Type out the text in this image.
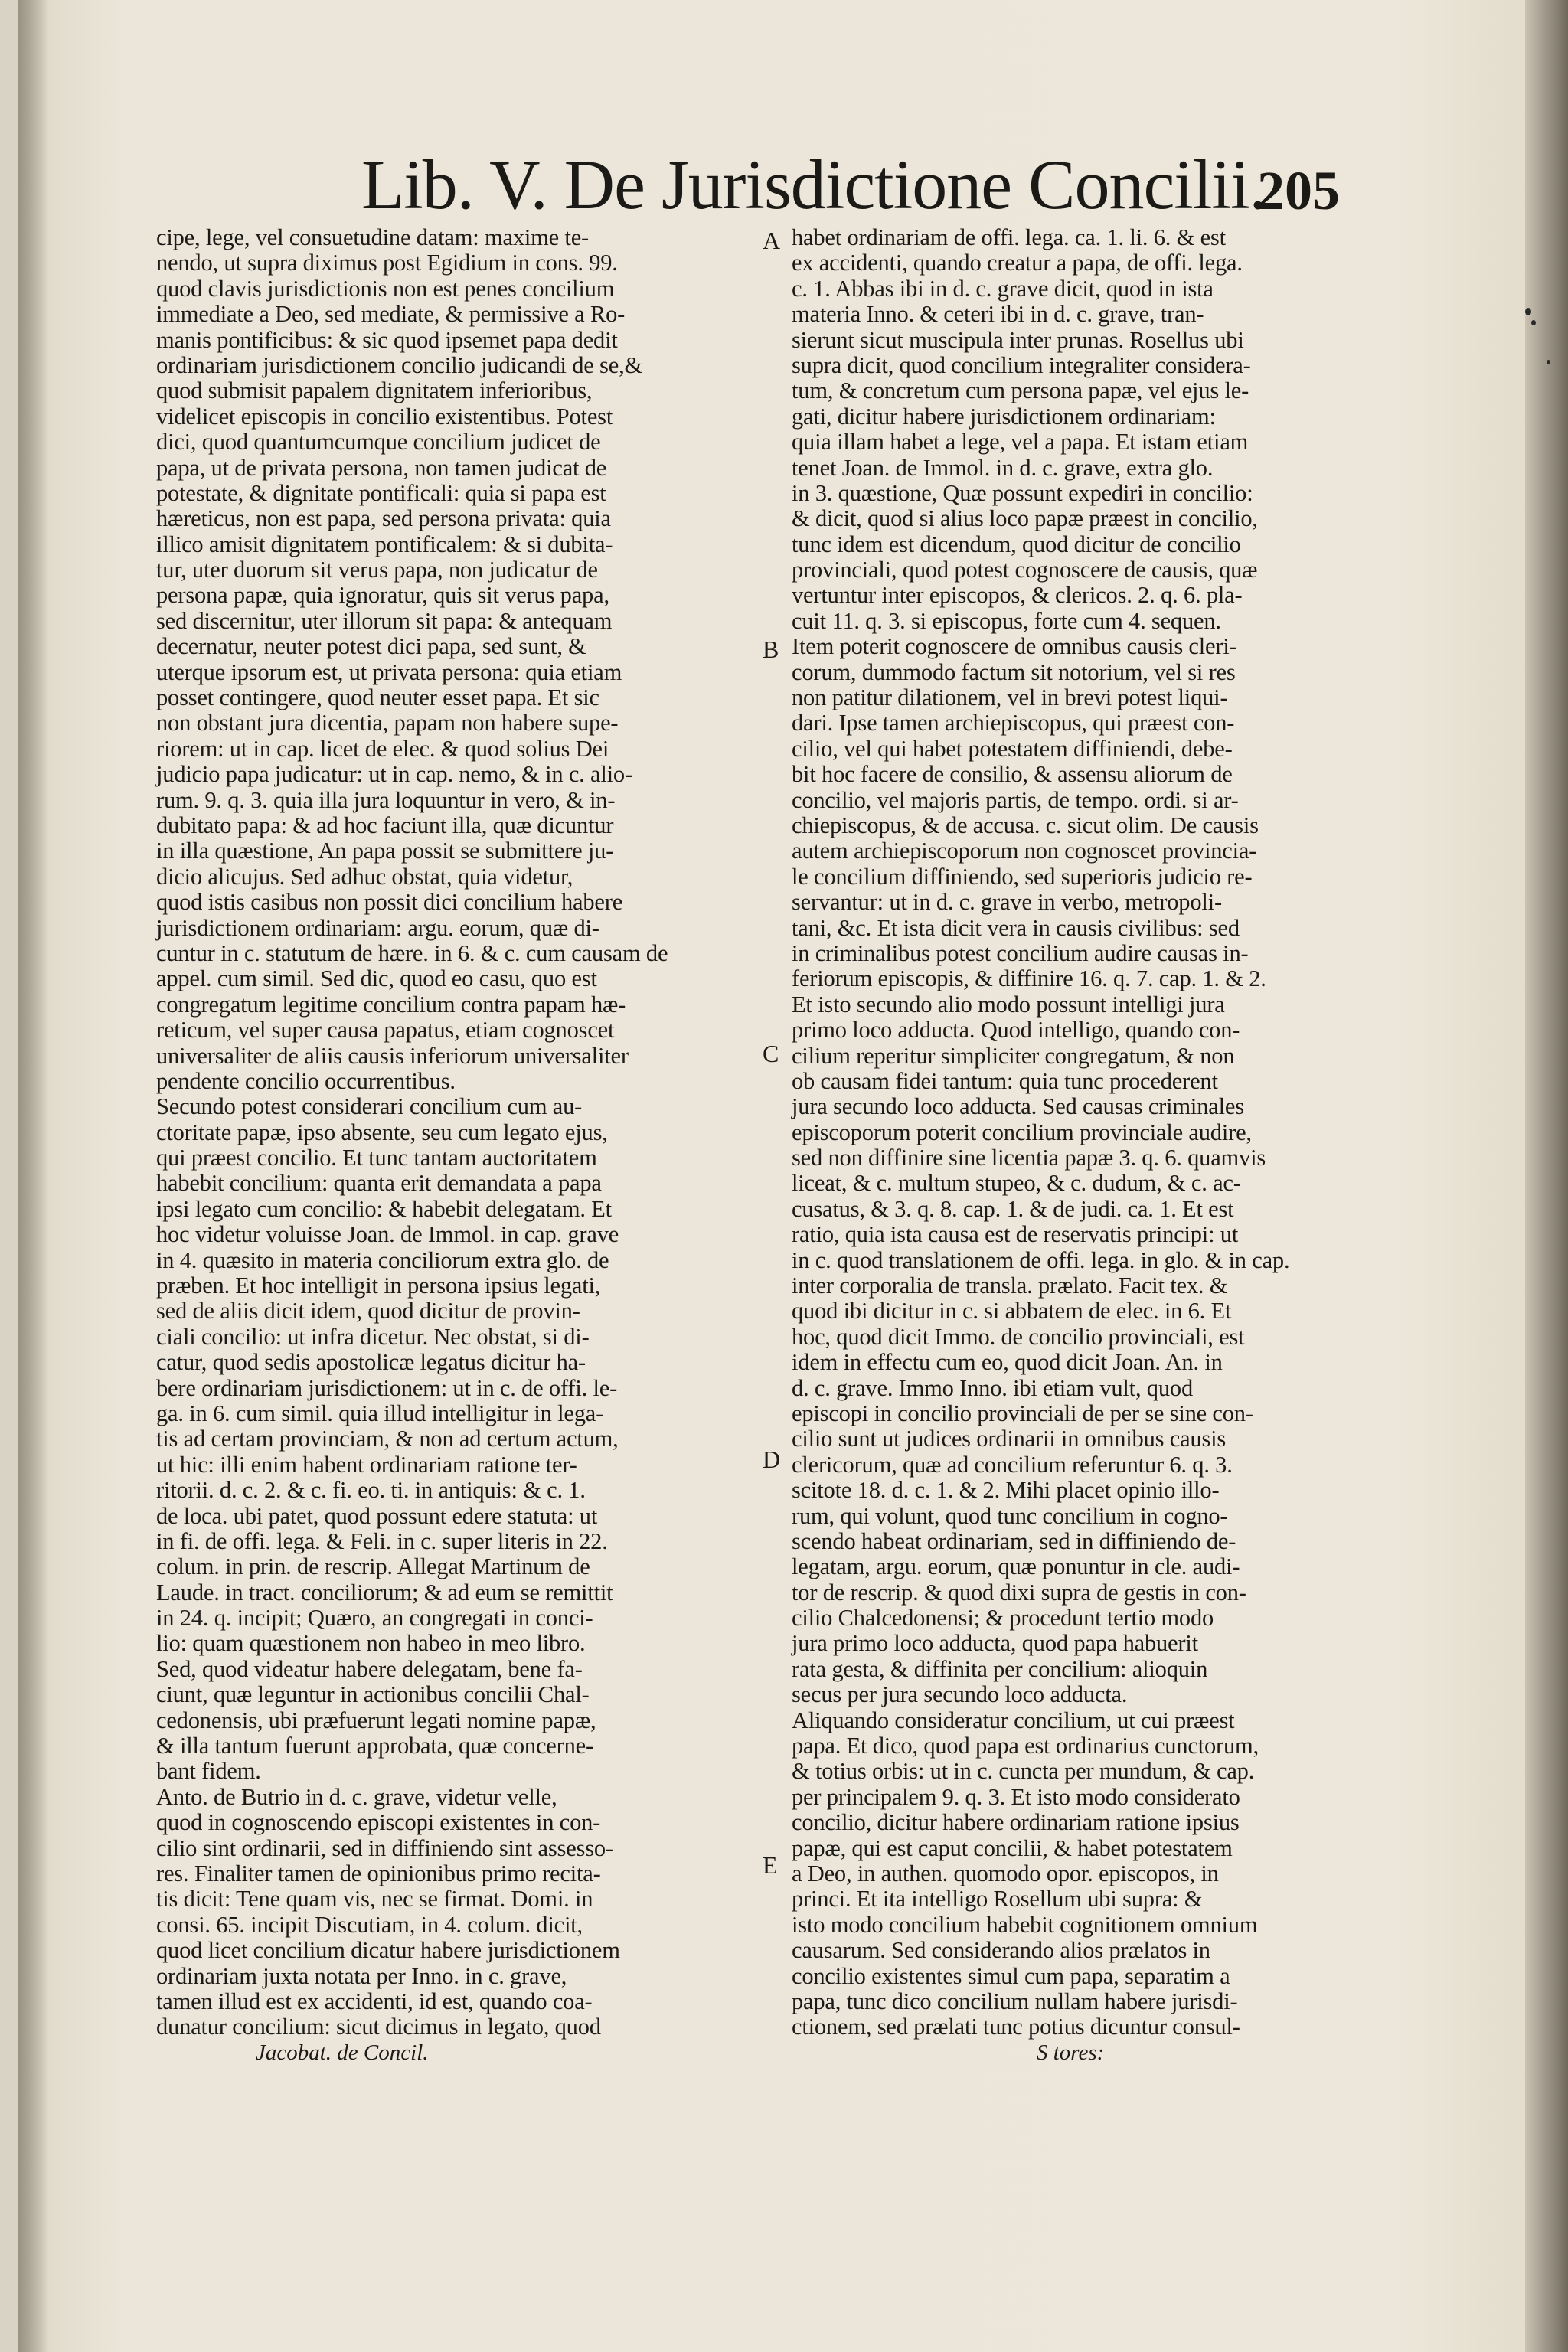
Lib. V. De Jurisdictione Concilii.
205
cipe, lege, vel consuetudine datam: maxime te-
nendo, ut supra diximus post Egidium in cons. 99.
quod clavis jurisdictionis non est penes concilium
immediate a Deo, sed mediate, & permissive a Ro-
manis pontificibus: & sic quod ipsemet papa dedit
ordinariam jurisdictionem concilio judicandi de se,&
quod submisit papalem dignitatem inferioribus,
videlicet episcopis in concilio existentibus. Potest
dici, quod quantumcumque concilium judicet de
papa, ut de privata persona, non tamen judicat de
potestate, & dignitate pontificali: quia si papa est
hæreticus, non est papa, sed persona privata: quia
illico amisit dignitatem pontificalem: & si dubita-
tur, uter duorum sit verus papa, non judicatur de
persona papæ, quia ignoratur, quis sit verus papa,
sed discernitur, uter illorum sit papa: & antequam
decernatur, neuter potest dici papa, sed sunt, &
uterque ipsorum est, ut privata persona: quia etiam
posset contingere, quod neuter esset papa. Et sic
non obstant jura dicentia, papam non habere supe-
riorem: ut in cap. licet de elec. & quod solius Dei
judicio papa judicatur: ut in cap. nemo, & in c. alio-
rum. 9. q. 3. quia illa jura loquuntur in vero, & in-
dubitato papa: & ad hoc faciunt illa, quæ dicuntur
in illa quæstione, An papa possit se submittere ju-
dicio alicujus. Sed adhuc obstat, quia videtur,
quod istis casibus non possit dici concilium habere
jurisdictionem ordinariam: argu. eorum, quæ di-
cuntur in c. statutum de hære. in 6. & c. cum causam de
appel. cum simil. Sed dic, quod eo casu, quo est
congregatum legitime concilium contra papam hæ-
reticum, vel super causa papatus, etiam cognoscet
universaliter de aliis causis inferiorum universaliter
pendente concilio occurrentibus.
Secundo potest considerari concilium cum au-
ctoritate papæ, ipso absente, seu cum legato ejus,
qui præest concilio. Et tunc tantam auctoritatem
habebit concilium: quanta erit demandata a papa
ipsi legato cum concilio: & habebit delegatam. Et
hoc videtur voluisse Joan. de Immol. in cap. grave
in 4. quæsito in materia conciliorum extra glo. de
præben. Et hoc intelligit in persona ipsius legati,
sed de aliis dicit idem, quod dicitur de provin-
ciali concilio: ut infra dicetur. Nec obstat, si di-
catur, quod sedis apostolicæ legatus dicitur ha-
bere ordinariam jurisdictionem: ut in c. de offi. le-
ga. in 6. cum simil. quia illud intelligitur in lega-
tis ad certam provinciam, & non ad certum actum,
ut hic: illi enim habent ordinariam ratione ter-
ritorii. d. c. 2. & c. fi. eo. ti. in antiquis: & c. 1.
de loca. ubi patet, quod possunt edere statuta: ut
in fi. de offi. lega. & Feli. in c. super literis in 22.
colum. in prin. de rescrip. Allegat Martinum de
Laude. in tract. conciliorum; & ad eum se remittit
in 24. q. incipit; Quæro, an congregati in conci-
lio: quam quæstionem non habeo in meo libro.
Sed, quod videatur habere delegatam, bene fa-
ciunt, quæ leguntur in actionibus concilii Chal-
cedonensis, ubi præfuerunt legati nomine papæ,
& illa tantum fuerunt approbata, quæ concerne-
bant fidem.
Anto. de Butrio in d. c. grave, videtur velle,
quod in cognoscendo episcopi existentes in con-
cilio sint ordinarii, sed in diffiniendo sint assesso-
res. Finaliter tamen de opinionibus primo recita-
tis dicit: Tene quam vis, nec se firmat. Domi. in
consi. 65. incipit Discutiam, in 4. colum. dicit,
quod licet concilium dicatur habere jurisdictionem
ordinariam juxta notata per Inno. in c. grave,
tamen illud est ex accidenti, id est, quando coa-
dunatur concilium: sicut dicimus in legato, quod
Jacobat. de Concil.
habet ordinariam de offi. lega. ca. 1. li. 6. & est
ex accidenti, quando creatur a papa, de offi. lega.
c. 1. Abbas ibi in d. c. grave dicit, quod in ista
materia Inno. & ceteri ibi in d. c. grave, tran-
sierunt sicut muscipula inter prunas. Rosellus ubi
supra dicit, quod concilium integraliter considera-
tum, & concretum cum persona papæ, vel ejus le-
gati, dicitur habere jurisdictionem ordinariam:
quia illam habet a lege, vel a papa. Et istam etiam
tenet Joan. de Immol. in d. c. grave, extra glo.
in 3. quæstione, Quæ possunt expediri in concilio:
& dicit, quod si alius loco papæ præest in concilio,
tunc idem est dicendum, quod dicitur de concilio
provinciali, quod potest cognoscere de causis, quæ
vertuntur inter episcopos, & clericos. 2. q. 6. pla-
cuit 11. q. 3. si episcopus, forte cum 4. sequen.
Item poterit cognoscere de omnibus causis cleri-
corum, dummodo factum sit notorium, vel si res
non patitur dilationem, vel in brevi potest liqui-
dari. Ipse tamen archiepiscopus, qui præest con-
cilio, vel qui habet potestatem diffiniendi, debe-
bit hoc facere de consilio, & assensu aliorum de
concilio, vel majoris partis, de tempo. ordi. si ar-
chiepiscopus, & de accusa. c. sicut olim. De causis
autem archiepiscoporum non cognoscet provincia-
le concilium diffiniendo, sed superioris judicio re-
servantur: ut in d. c. grave in verbo, metropoli-
tani, &c. Et ista dicit vera in causis civilibus: sed
in criminalibus potest concilium audire causas in-
feriorum episcopis, & diffinire 16. q. 7. cap. 1. & 2.
Et isto secundo alio modo possunt intelligi jura
primo loco adducta. Quod intelligo, quando con-
cilium reperitur simpliciter congregatum, & non
ob causam fidei tantum: quia tunc procederent
jura secundo loco adducta. Sed causas criminales
episcoporum poterit concilium provinciale audire,
sed non diffinire sine licentia papæ 3. q. 6. quamvis
liceat, & c. multum stupeo, & c. dudum, & c. ac-
cusatus, & 3. q. 8. cap. 1. & de judi. ca. 1. Et est
ratio, quia ista causa est de reservatis principi: ut
in c. quod translationem de offi. lega. in glo. & in cap.
inter corporalia de transla. prælato. Facit tex. &
quod ibi dicitur in c. si abbatem de elec. in 6. Et
hoc, quod dicit Immo. de concilio provinciali, est
idem in effectu cum eo, quod dicit Joan. An. in
d. c. grave. Immo Inno. ibi etiam vult, quod
episcopi in concilio provinciali de per se sine con-
cilio sunt ut judices ordinarii in omnibus causis
clericorum, quæ ad concilium referuntur 6. q. 3.
scitote 18. d. c. 1. & 2. Mihi placet opinio illo-
rum, qui volunt, quod tunc concilium in cogno-
scendo habeat ordinariam, sed in diffiniendo de-
legatam, argu. eorum, quæ ponuntur in cle. audi-
tor de rescrip. & quod dixi supra de gestis in con-
cilio Chalcedonensi; & procedunt tertio modo
jura primo loco adducta, quod papa habuerit
rata gesta, & diffinita per concilium: alioquin
secus per jura secundo loco adducta.
Aliquando consideratur concilium, ut cui præest
papa. Et dico, quod papa est ordinarius cunctorum,
& totius orbis: ut in c. cuncta per mundum, & cap.
per principalem 9. q. 3. Et isto modo considerato
concilio, dicitur habere ordinariam ratione ipsius
papæ, qui est caput concilii, & habet potestatem
a Deo, in authen. quomodo opor. episcopos, in
princi. Et ita intelligo Rosellum ubi supra: &
isto modo concilium habebit cognitionem omnium
causarum. Sed considerando alios prælatos in
concilio existentes simul cum papa, separatim a
papa, tunc dico concilium nullam habere jurisdi-
ctionem, sed prælati tunc potius dicuntur consul-
S tores:
A
B
C
D
E
